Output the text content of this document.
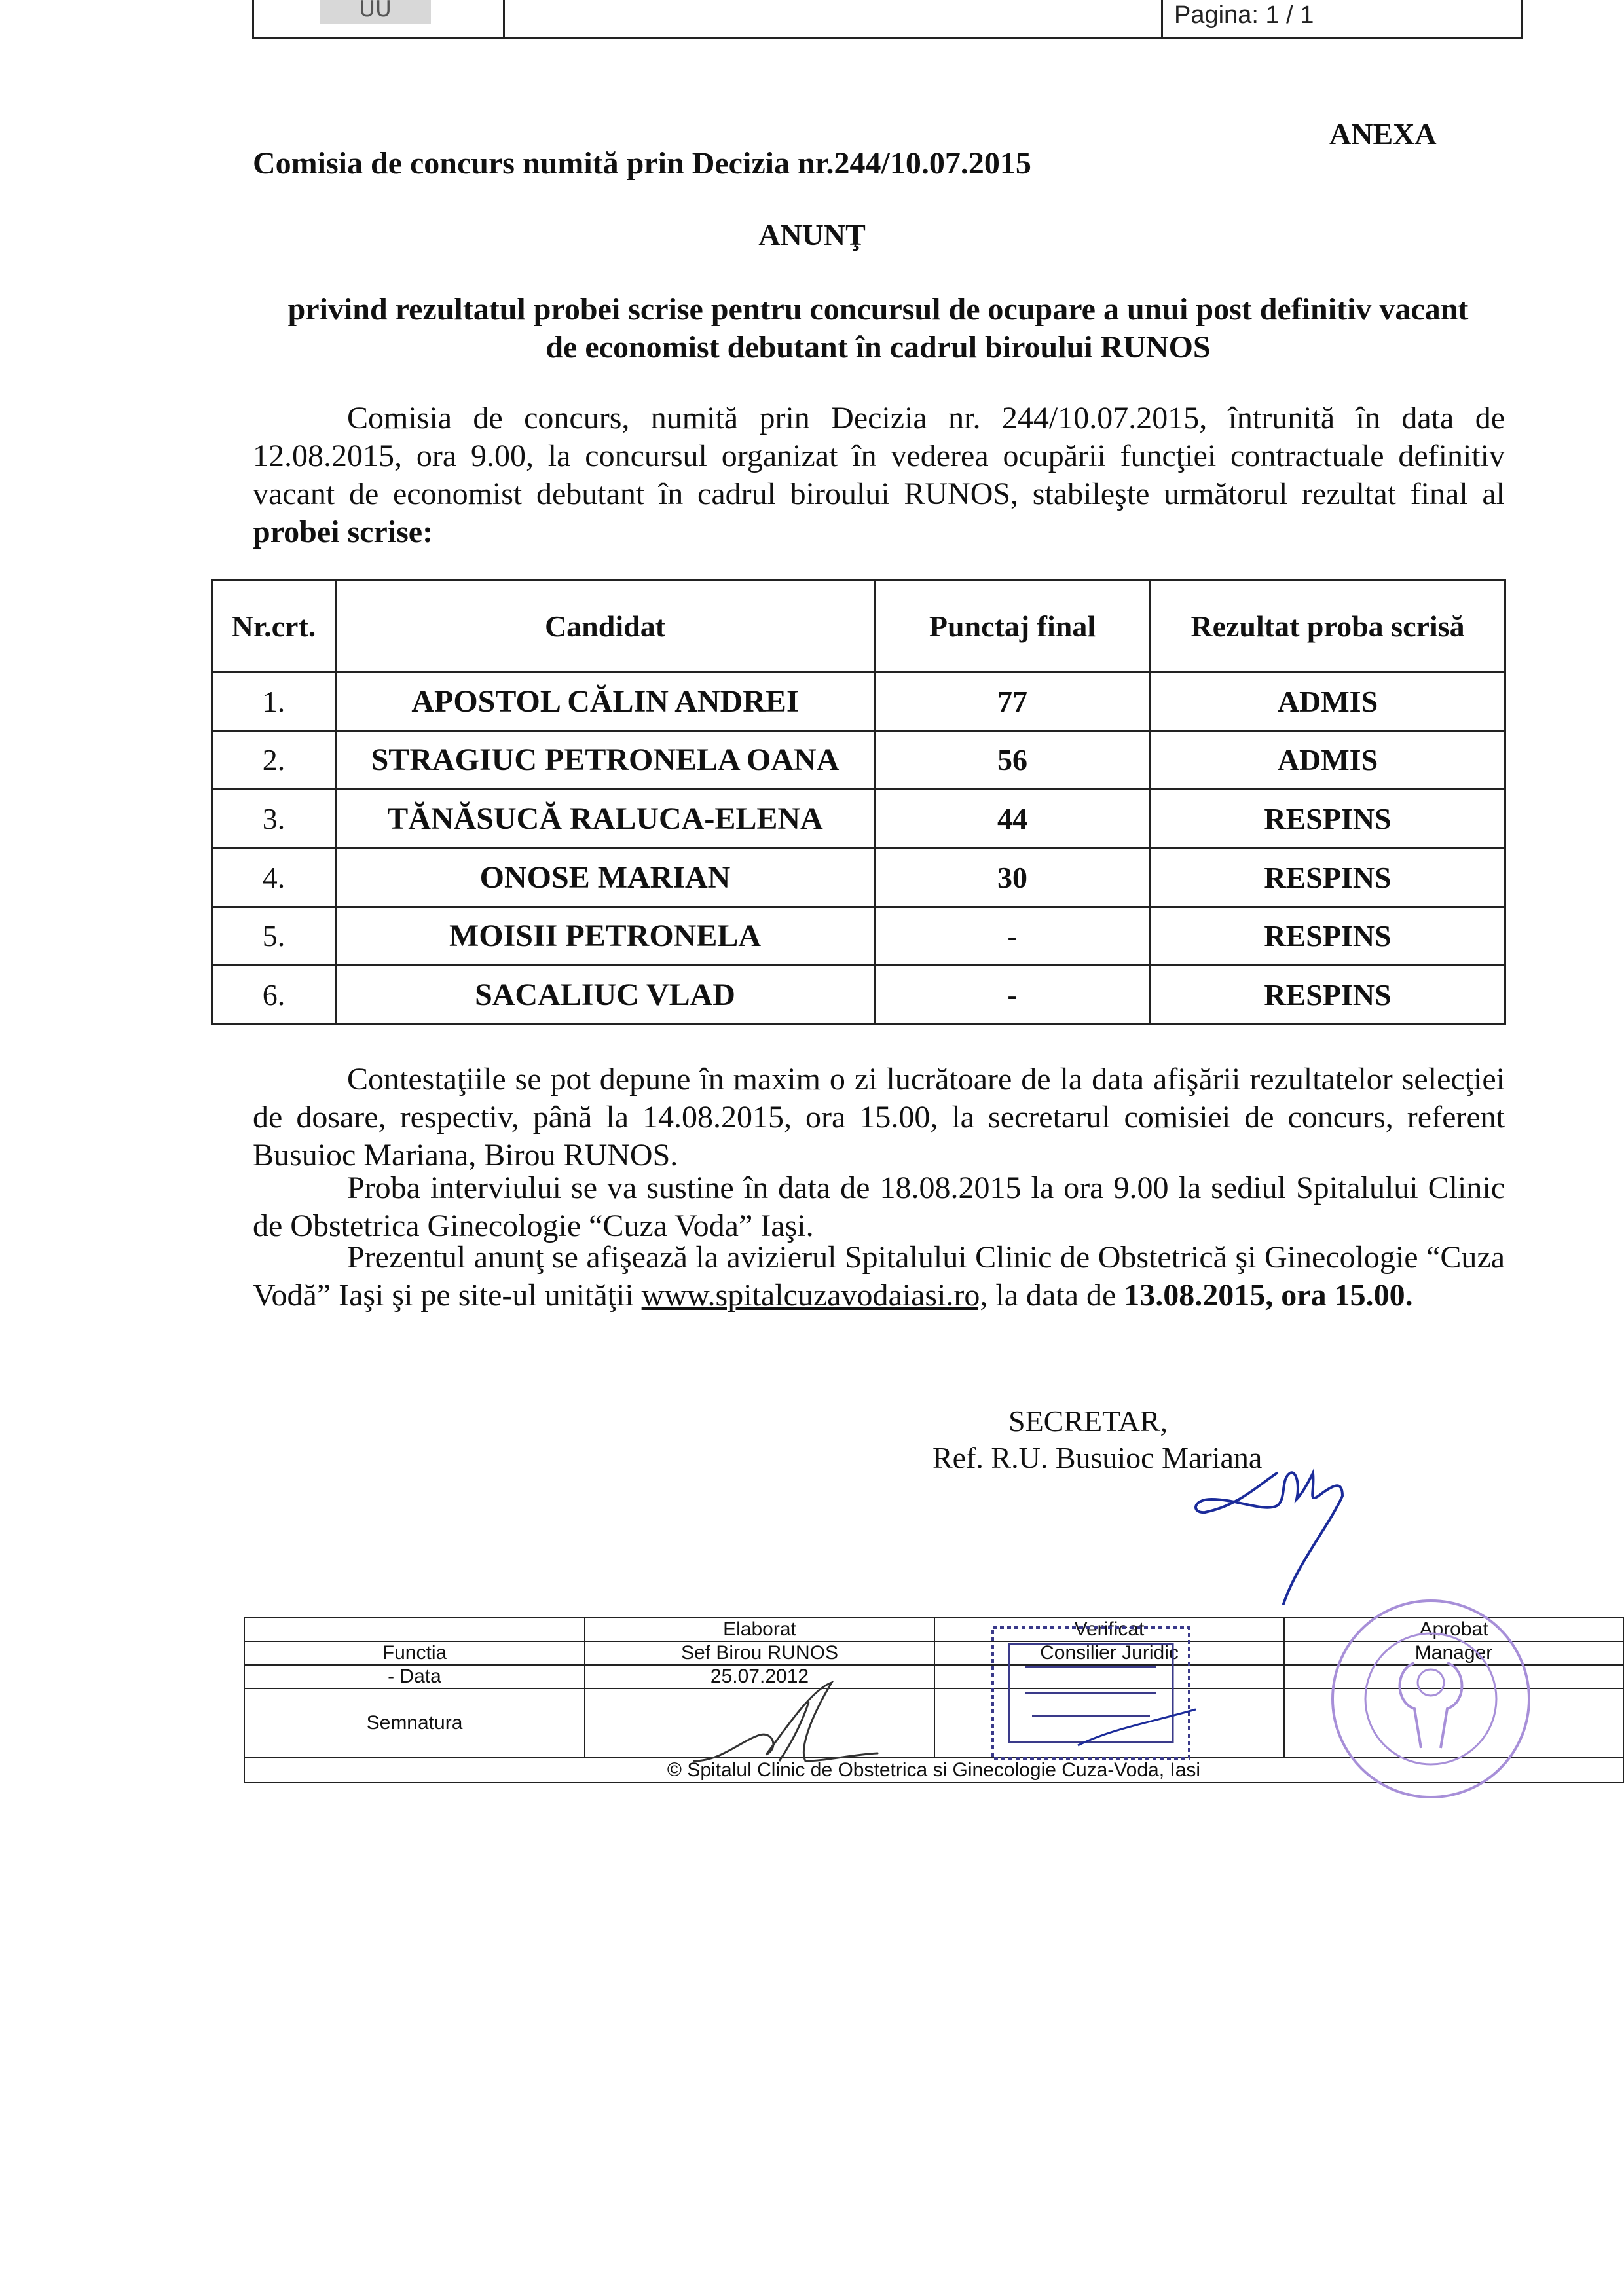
UU	Pagina: 1 / 1
ANEXA
Comisia de concurs numită prin Decizia nr.244/10.07.2015
ANUNŢ
privind rezultatul probei scrise pentru concursul de ocupare a unui post definitiv vacant
de economist debutant în cadrul biroului RUNOS
Comisia de concurs, numită prin Decizia nr. 244/10.07.2015, întrunită în data de 12.08.2015, ora 9.00, la concursul organizat în vederea ocupării funcţiei contractuale definitiv vacant de economist debutant în cadrul biroului RUNOS, stabileşte următorul rezultat final al probei scrise:
Nr.crt.	Candidat	Punctaj final	Rezultat proba scrisă
1.	APOSTOL CĂLIN ANDREI	77	ADMIS
2.	STRAGIUC PETRONELA OANA	56	ADMIS
3.	TĂNĂSUCĂ RALUCA-ELENA	44	RESPINS
4.	ONOSE MARIAN	30	RESPINS
5.	MOISII PETRONELA	-	RESPINS
6.	SACALIUC VLAD	-	RESPINS
Contestaţiile se pot depune în maxim o zi lucrătoare de la data afişării rezultatelor selecţiei de dosare, respectiv, până la 14.08.2015, ora 15.00, la secretarul comisiei de concurs, referent Busuioc Mariana, Birou RUNOS.
Proba interviului se va sustine în data de 18.08.2015 la ora 9.00 la sediul Spitalului Clinic de Obstetrica Ginecologie “Cuza Voda” Iaşi.
Prezentul anunţ se afişează la avizierul Spitalului Clinic de Obstetrică şi Ginecologie “Cuza Vodă” Iaşi şi pe site-ul unităţii www.spitalcuzavodaiasi.ro, la data de 13.08.2015, ora 15.00.
SECRETAR,
Ref. R.U. Busuioc Mariana
	Elaborat	Verificat	Aprobat
Functia	Sef Birou RUNOS	Consilier Juridic	Manager
- Data	25.07.2012		
Semnatura			
© Spitalul Clinic de Obstetrica si Ginecologie Cuza-Voda, Iasi			
